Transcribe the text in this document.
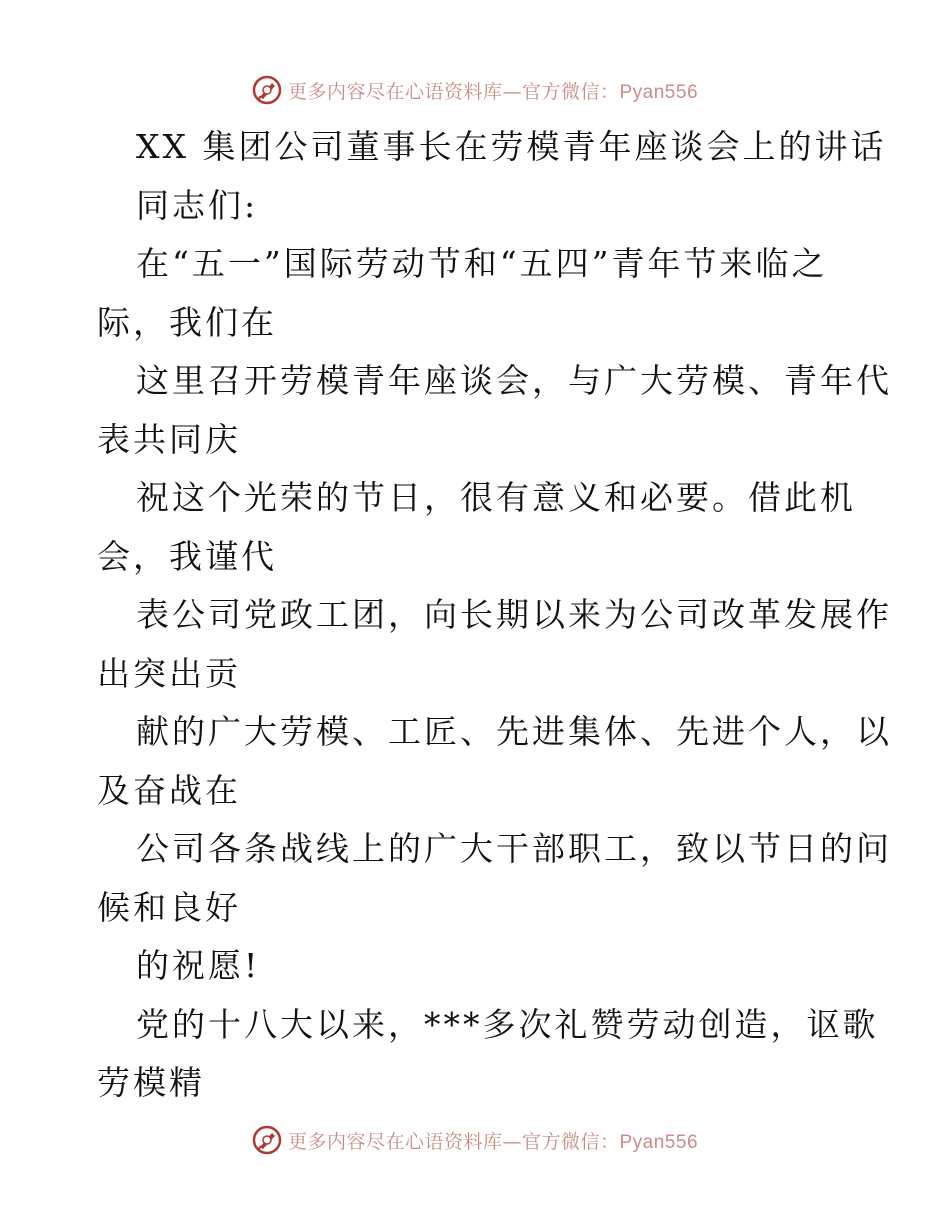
更多内容尽在心语资料库—官方微信：Pyan556
XX 集团公司董事长在劳模青年座谈会上的讲话
同志们:
在“五一”国际劳动节和“五四”青年节来临之
际，我们在
这里召开劳模青年座谈会，与广大劳模、青年代
表共同庆
祝这个光荣的节日，很有意义和必要。借此机
会，我谨代
表公司党政工团，向长期以来为公司改革发展作
出突出贡
献的广大劳模、工匠、先进集体、先进个人，以
及奋战在
公司各条战线上的广大干部职工，致以节日的问
候和良好
的祝愿!
党的十八大以来，***多次礼赞劳动创造，讴歌
劳模精
更多内容尽在心语资料库—官方微信：Pyan556
